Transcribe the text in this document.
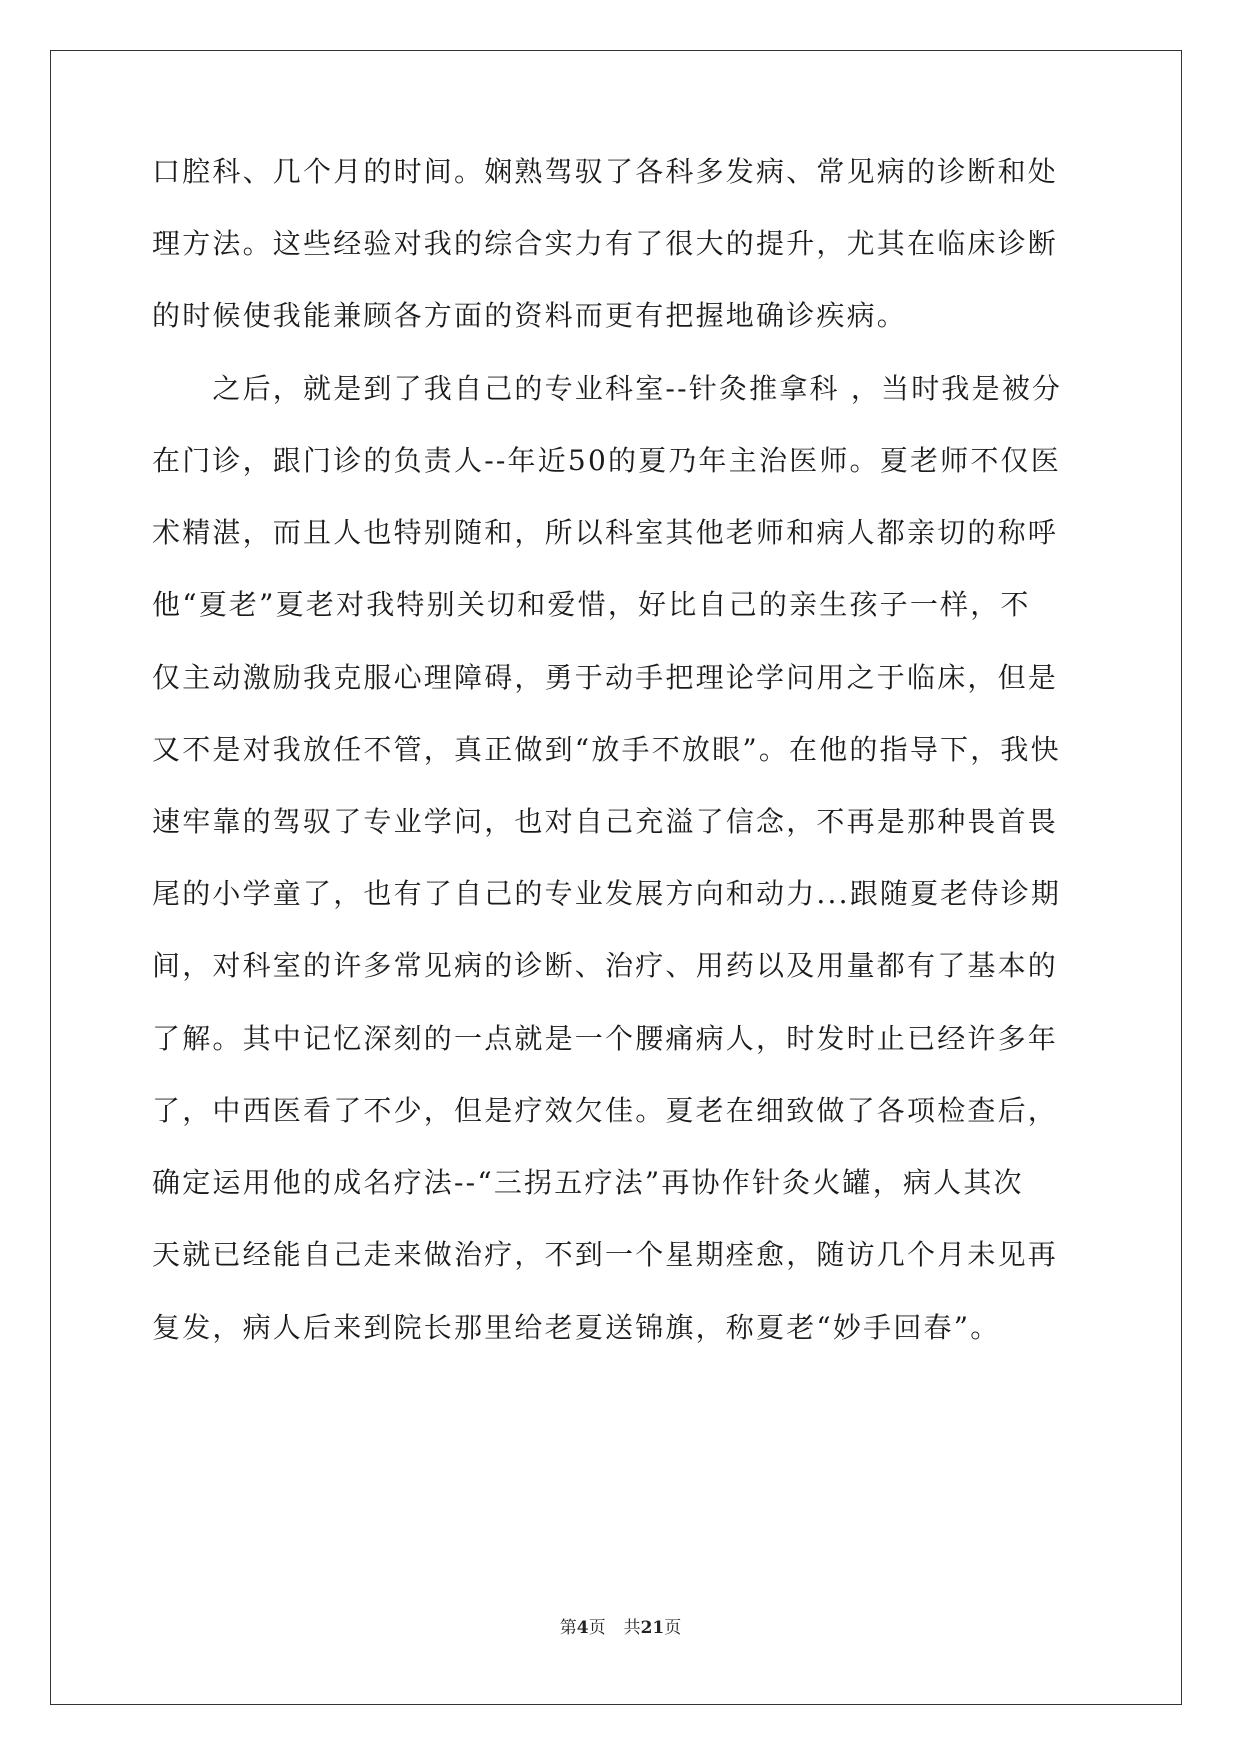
口腔科、几个月的时间。娴熟驾驭了各科多发病、常见病的诊断和处
理方法。这些经验对我的综合实力有了很大的提升，尤其在临床诊断
的时候使我能兼顾各方面的资料而更有把握地确诊疾病。
　　之后，就是到了我自己的专业科室--针灸推拿科 ，当时我是被分
在门诊，跟门诊的负责人--年近50的夏乃年主治医师。夏老师不仅医
术精湛，而且人也特别随和，所以科室其他老师和病人都亲切的称呼
他“夏老”夏老对我特别关切和爱惜，好比自己的亲生孩子一样，不
仅主动激励我克服心理障碍，勇于动手把理论学问用之于临床，但是
又不是对我放任不管，真正做到“放手不放眼”。在他的指导下，我快
速牢靠的驾驭了专业学问，也对自己充溢了信念，不再是那种畏首畏
尾的小学童了，也有了自己的专业发展方向和动力...跟随夏老侍诊期
间，对科室的许多常见病的诊断、治疗、用药以及用量都有了基本的
了解。其中记忆深刻的一点就是一个腰痛病人，时发时止已经许多年
了，中西医看了不少，但是疗效欠佳。夏老在细致做了各项检查后，
确定运用他的成名疗法--“三拐五疗法”再协作针灸火罐，病人其次
天就已经能自己走来做治疗，不到一个星期痊愈，随访几个月未见再
复发，病人后来到院长那里给老夏送锦旗，称夏老“妙手回春”。
第4页 共21页
